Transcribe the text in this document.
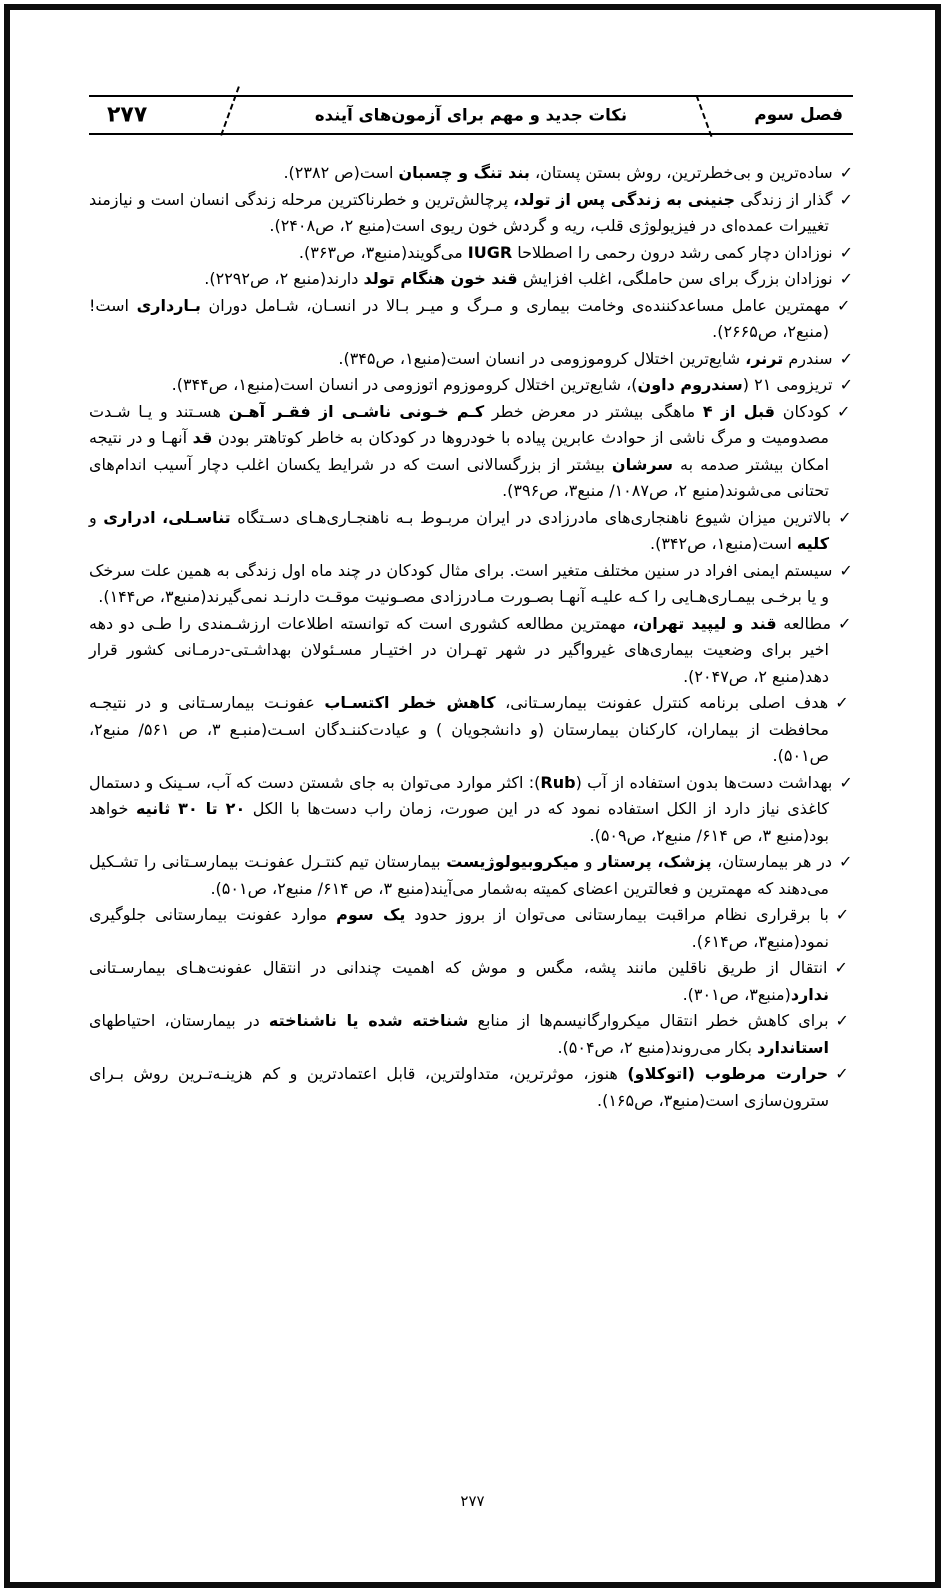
فصل سوم
نکات جدید و مهم برای آزمون‌های آینده
۲۷۷
✓ساده‌ترین و بی‌خطرترین، روش بستن پستان، بند تنگ و چسبان است(ص ۲۳۸۲).
✓گذار از زندگی جنینی به زندگی پس از تولد، پرچالش‌ترین و خطرناکترین مرحله زندگی انسان است و نیازمند تغییرات عمده‌ای در فیزیولوژی قلب، ریه و گردش خون ریوی است(منبع ۲، ص۲۴۰۸).
✓نوزادان دچار کمی رشد درون رحمی را اصطلاحا IUGR می‌گویند(منبع۳، ص۳۶۳).
✓نوزادان بزرگ برای سن حاملگی، اغلب افزایش قند خون هنگام تولد دارند(منبع ۲، ص۲۲۹۲).
✓مهمترین عامل مساعدکننده‌ی وخامت بیماری و مـرگ و میـر بـالا در انسـان، شـامل دوران بـارداری است!(منبع۲، ص۲۶۶۵).
✓سندرم ترنر، شایع‌ترین اختلال کروموزومی در انسان است(منبع۱، ص۳۴۵).
✓تریزومی ۲۱ (سندروم داون)، شایع‌ترین اختلال کروموزوم اتوزومی در انسان است(منبع۱، ص۳۴۴).
✓کودکان قبل از ۴ ماهگی بیشتر در معرض خطر کـم خـونی ناشـی از فقـر آهـن هسـتند و یـا شـدت مصدومیت و مرگ ناشی از حوادث عابرین پیاده با خودروها در کودکان به خاطر کوتاهتر بودن قد آنهـا و در نتیجه امکان بیشتر صدمه به سرشان بیشتر از بزرگسالانی است که در شرایط یکسان اغلب دچار آسیب اندام‌های تحتانی می‌شوند(منبع ۲، ص۱۰۸۷/ منبع۳، ص۳۹۶).
✓بالاترین میزان شیوع ناهنجاری‌های مادرزادی در ایران مربـوط بـه ناهنجـاری‌هـای دسـتگاه تناسـلی، ادراری و کلیه است(منبع۱، ص۳۴۲).
✓سیستم ایمنی افراد در سنین مختلف متغیر است. برای مثال کودکان در چند ماه اول زندگی به همین علت سرخک و یا برخـی بیمـاری‌هـایی را کـه علیـه آنهـا بصـورت مـادرزادی مصـونیت موقـت دارنـد نمی‌گیرند(منبع۳، ص۱۴۴).
✓مطالعه قند و لیپید تهران، مهمترین مطالعه کشوری است که توانسته اطلاعات ارزشـمندی را طـی دو دهه اخیر برای وضعیت بیماری‌های غیرواگیر در شهر تهـران در اختیـار مسـئولان بهداشـتی-درمـانی کشور قرار دهد(منبع ۲، ص۲۰۴۷).
✓هدف اصلی برنامه کنترل عفونت بیمارسـتانی، کاهش خطر اکتسـاب عفونـت بیمارسـتانی و در نتیجـه محافظت از بیماران، کارکنان بیمارستان (و دانشجویان ) و عیادت‌کننـدگان اسـت(منبـع ۳، ص ۵۶۱/ منبع۲، ص۵۰۱).
✓بهداشت دست‌ها بدون استفاده از آب (Rub): اکثر موارد می‌توان به جای شستن دست که آب، سـینک و دستمال کاغذی نیاز دارد از الکل استفاده نمود که در این صورت، زمان راب دست‌ها با الکل ۲۰ تا ۳۰ ثانیه خواهد بود(منبع ۳، ص ۶۱۴/ منبع۲، ص۵۰۹).
✓در هر بیمارستان، پزشک، پرستار و میکروبیولوژیست بیمارستان تیم کنتـرل عفونـت بیمارسـتانی را تشـکیل می‌دهند که مهمترین و فعالترین اعضای کمیته به‌شمار می‌آیند(منبع ۳، ص ۶۱۴/ منبع۲، ص۵۰۱).
✓با برقراری نظام مراقبت بیمارستانی می‌توان از بروز حدود یک سوم موارد عفونت بیمارستانی جلوگیری نمود(منبع۳، ص۶۱۴).
✓انتقال از طریق ناقلین مانند پشه، مگس و موش که اهمیت چندانی در انتقال عفونت‌هـای بیمارسـتانی ندارد(منبع۳، ص۳۰۱).
✓برای کاهش خطر انتقال میکروارگانیسم‌ها از منابع شناخته شده یا ناشناخته در بیمارستان، احتیاطهای استاندارد بکار می‌روند(منبع ۲، ص۵۰۴).
✓حرارت مرطوب (اتوکلاو) هنوز، موثرترین، متداولترین، قابل اعتمادترین و کم هزینـه‌تـرین روش بـرای سترون‌سازی است(منبع۳، ص۱۶۵).
۲۷۷
